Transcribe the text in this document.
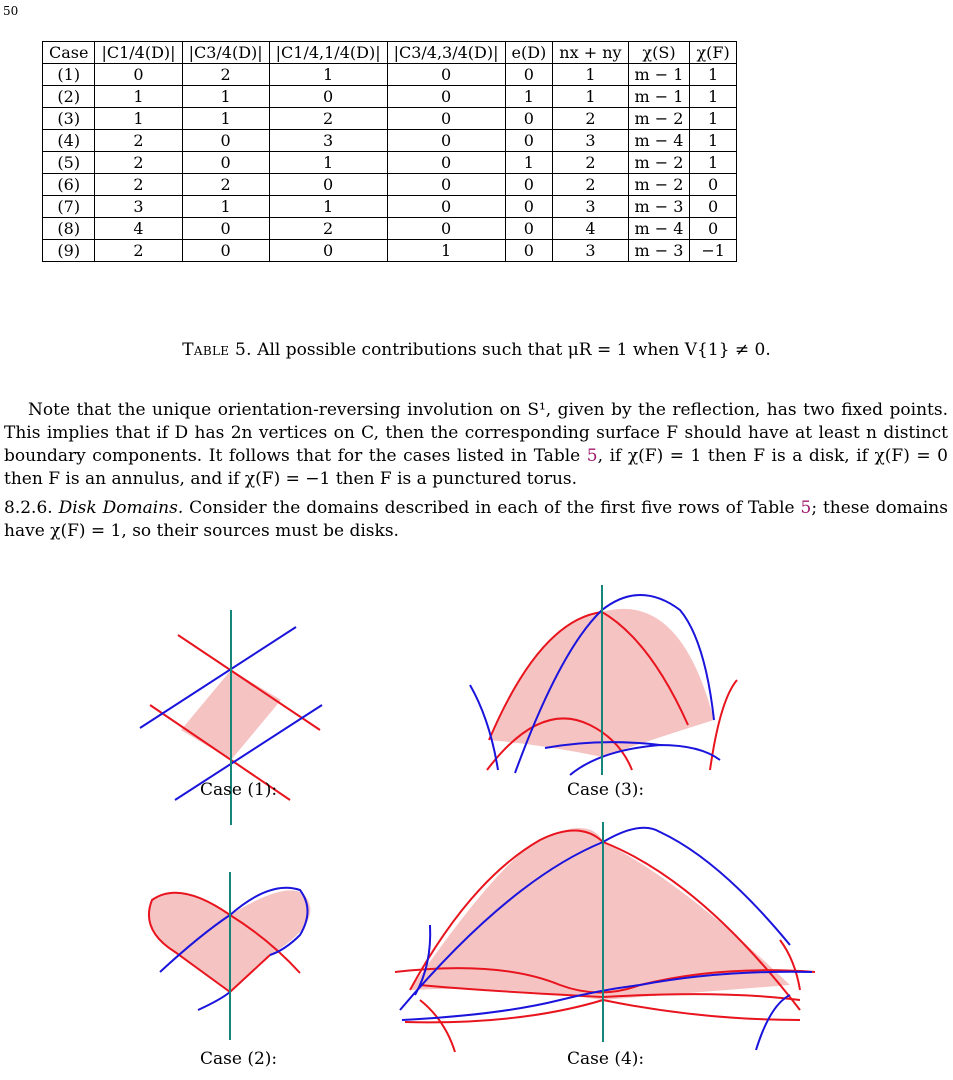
50
Case	|C1/4(D)|	|C3/4(D)|	|C1/4,1/4(D)|	|C3/4,3/4(D)|	e(D)	nx + ny	χ(S)	χ(F)
(1)	0	2	1	0	0	1	m − 1	1
(2)	1	1	0	0	1	1	m − 1	1
(3)	1	1	2	0	0	2	m − 2	1
(4)	2	0	3	0	0	3	m − 4	1
(5)	2	0	1	0	1	2	m − 2	1
(6)	2	2	0	0	0	2	m − 2	0
(7)	3	1	1	0	0	3	m − 3	0
(8)	4	0	2	0	0	4	m − 4	0
(9)	2	0	0	1	0	3	m − 3	−1
Table 5. All possible contributions such that μR = 1 when V{1} ≠ 0.
Note that the unique orientation-reversing involution on S¹, given by the reflection, has two fixed points. This implies that if D has 2n vertices on C, then the corresponding surface F should have at least n distinct boundary components. It follows that for the cases listed in Table 5, if χ(F) = 1 then F is a disk, if χ(F) = 0 then F is an annulus, and if χ(F) = −1 then F is a punctured torus.
8.2.6. Disk Domains. Consider the domains described in each of the first five rows of Table 5; these domains have χ(F) = 1, so their sources must be disks.
Case (1):	Case (3):
Case (2):	Case (4):
